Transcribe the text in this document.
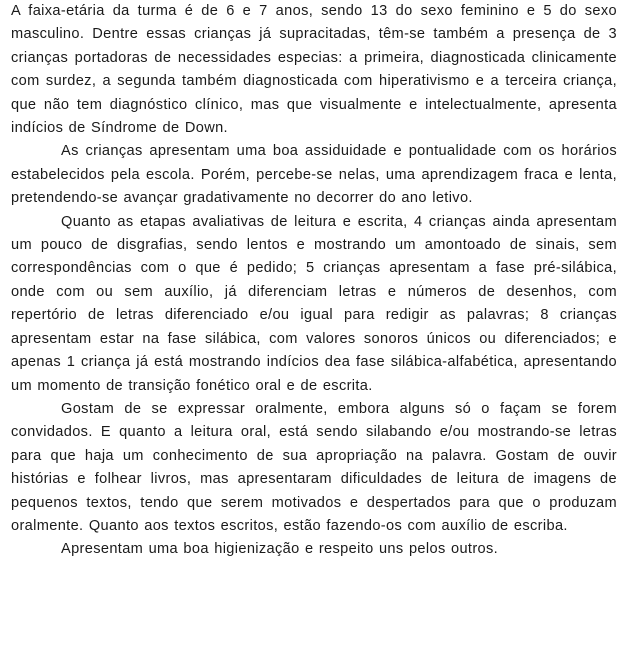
A faixa-etária da turma é de 6 e 7 anos, sendo 13 do sexo feminino e 5 do sexo masculino. Dentre essas crianças já supracitadas, têm-se também a presença de 3 crianças portadoras de necessidades especias: a primeira, diagnosticada clinicamente com surdez, a segunda também diagnosticada com hiperativismo e a terceira criança, que não tem diagnóstico clínico, mas que visualmente e intelectualmente, apresenta indícios de Síndrome de Down.

As crianças apresentam uma boa assiduidade e pontualidade com os horários estabelecidos pela escola. Porém, percebe-se nelas, uma aprendizagem fraca e lenta, pretendendo-se avançar gradativamente no decorrer do ano letivo.

Quanto as etapas avaliativas de leitura e escrita, 4 crianças ainda apresentam um pouco de disgrafias, sendo lentos e mostrando um amontoado de sinais, sem correspondências com o que é pedido; 5 crianças apresentam a fase pré-silábica, onde com ou sem auxílio, já diferenciam letras e números de desenhos, com repertório de letras diferenciado e/ou igual para redigir as palavras; 8 crianças apresentam estar na fase silábica, com valores sonoros únicos ou diferenciados; e apenas 1 criança já está mostrando indícios dea fase silábica-alfabética, apresentando um momento de transição fonético oral e de escrita.

Gostam de se expressar oralmente, embora alguns só o façam se forem convidados. E quanto a leitura oral, está sendo silabando e/ou mostrando-se letras para que haja um conhecimento de sua apropriação na palavra. Gostam de ouvir histórias e folhear livros, mas apresentaram dificuldades de leitura de imagens de pequenos textos, tendo que serem motivados e despertados para que o produzam oralmente. Quanto aos textos escritos, estão fazendo-os com auxílio de escriba.

Apresentam uma boa higienização e respeito uns pelos outros.
